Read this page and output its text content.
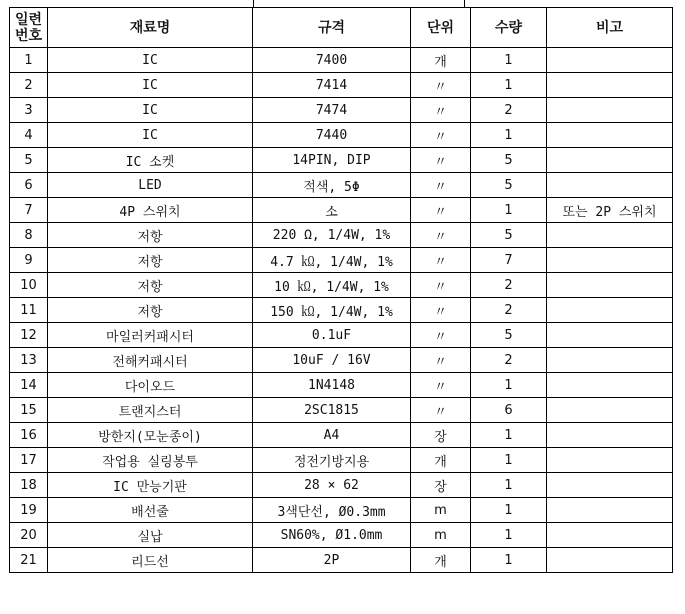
일련
번호	재료명	규격	단위	수량	비고
1	IC	7400	개	1	
2	IC	7414	〃	1	
3	IC	7474	〃	2	
4	IC	7440	〃	1	
5	IC 소켓	14PIN, DIP	〃	5	
6	LED	적색, 5Φ	〃	5	
7	4P 스위치	소	〃	1	또는 2P 스위치
8	저항	220 Ω, 1/4W, 1%	〃	5	
9	저항	4.7 ㏀, 1/4W, 1%	〃	7	
10	저항	10 ㏀, 1/4W, 1%	〃	2	
11	저항	150 ㏀, 1/4W, 1%	〃	2	
12	마일러커패시터	0.1uF	〃	5	
13	전해커패시터	10uF / 16V	〃	2	
14	다이오드	1N4148	〃	1	
15	트랜지스터	2SC1815	〃	6	
16	방한지(모눈종이)	A4	장	1	
17	작업용 실링봉투	정전기방지용	개	1	
18	IC 만능기판	28 × 62	장	1	
19	배선줄	3색단선, Ø0.3mm	m	1	
20	실납	SN60%, Ø1.0mm	m	1	
21	리드선	2P	개	1	
